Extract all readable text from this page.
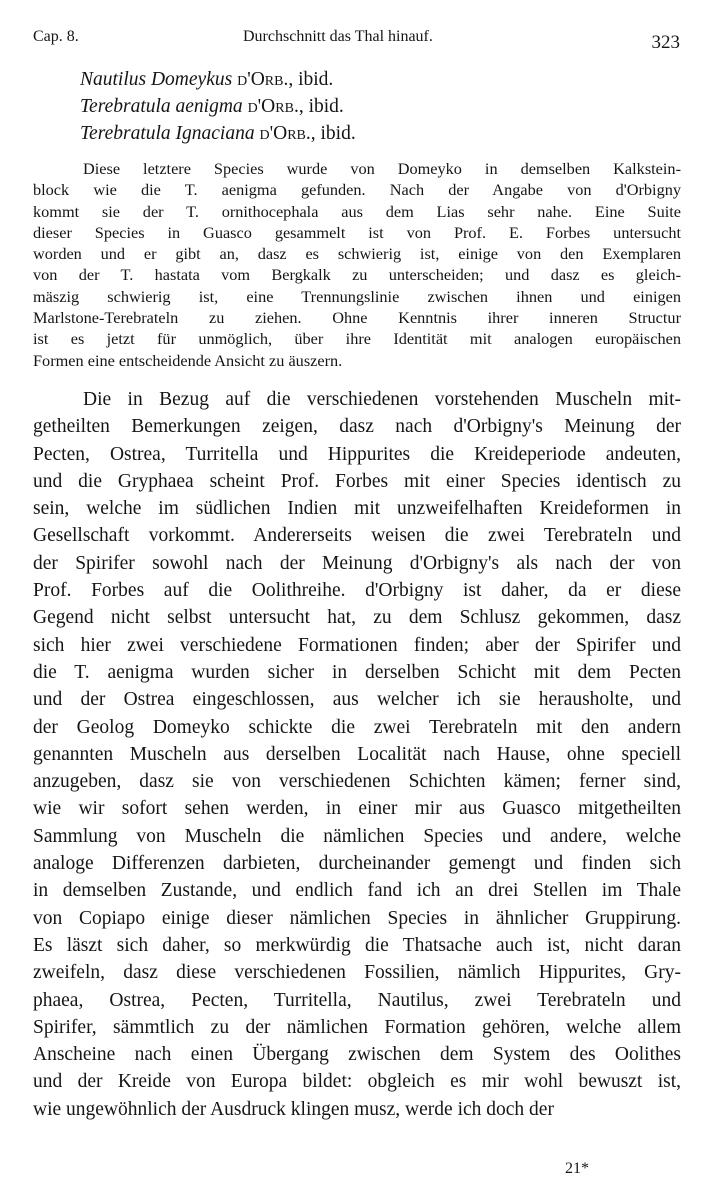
Cap. 8.	Durchschnitt das Thal hinauf.	323
Nautilus Domeykus d'Orb., ibid.
Terebratula aenigma d'Orb., ibid.
Terebratula Ignaciana d'Orb., ibid.
Diese letztere Species wurde von Domeyko in demselben Kalkstein-
block wie die T. aenigma gefunden. Nach der Angabe von d'Orbigny
kommt sie der T. ornithocephala aus dem Lias sehr nahe. Eine Suite
dieser Species in Guasco gesammelt ist von Prof. E. Forbes untersucht
worden und er gibt an, dasz es schwierig ist, einige von den Exemplaren
von der T. hastata vom Bergkalk zu unterscheiden; und dasz es gleich-
mäszig schwierig ist, eine Trennungslinie zwischen ihnen und einigen
Marlstone-Terebrateln zu ziehen. Ohne Kenntnis ihrer inneren Structur
ist es jetzt für unmöglich, über ihre Identität mit analogen europäischen
Formen eine entscheidende Ansicht zu äuszern.
Die in Bezug auf die verschiedenen vorstehenden Muscheln mit-
getheilten Bemerkungen zeigen, dasz nach d'Orbigny's Meinung der
Pecten, Ostrea, Turritella und Hippurites die Kreideperiode andeuten,
und die Gryphaea scheint Prof. Forbes mit einer Species identisch zu
sein, welche im südlichen Indien mit unzweifelhaften Kreideformen in
Gesellschaft vorkommt. Andererseits weisen die zwei Terebrateln und
der Spirifer sowohl nach der Meinung d'Orbigny's als nach der von
Prof. Forbes auf die Oolithreihe. d'Orbigny ist daher, da er diese
Gegend nicht selbst untersucht hat, zu dem Schlusz gekommen, dasz
sich hier zwei verschiedene Formationen finden; aber der Spirifer und
die T. aenigma wurden sicher in derselben Schicht mit dem Pecten
und der Ostrea eingeschlossen, aus welcher ich sie herausholte, und
der Geolog Domeyko schickte die zwei Terebrateln mit den andern
genannten Muscheln aus derselben Localität nach Hause, ohne speciell
anzugeben, dasz sie von verschiedenen Schichten kämen; ferner sind,
wie wir sofort sehen werden, in einer mir aus Guasco mitgetheilten
Sammlung von Muscheln die nämlichen Species und andere, welche
analoge Differenzen darbieten, durcheinander gemengt und finden sich
in demselben Zustande, und endlich fand ich an drei Stellen im Thale
von Copiapo einige dieser nämlichen Species in ähnlicher Gruppirung.
Es läszt sich daher, so merkwürdig die Thatsache auch ist, nicht daran
zweifeln, dasz diese verschiedenen Fossilien, nämlich Hippurites, Gry-
phaea, Ostrea, Pecten, Turritella, Nautilus, zwei Terebrateln und
Spirifer, sämmtlich zu der nämlichen Formation gehören, welche allem
Anscheine nach einen Übergang zwischen dem System des Oolithes
und der Kreide von Europa bildet: obgleich es mir wohl bewuszt ist,
wie ungewöhnlich der Ausdruck klingen musz, werde ich doch der
21*
